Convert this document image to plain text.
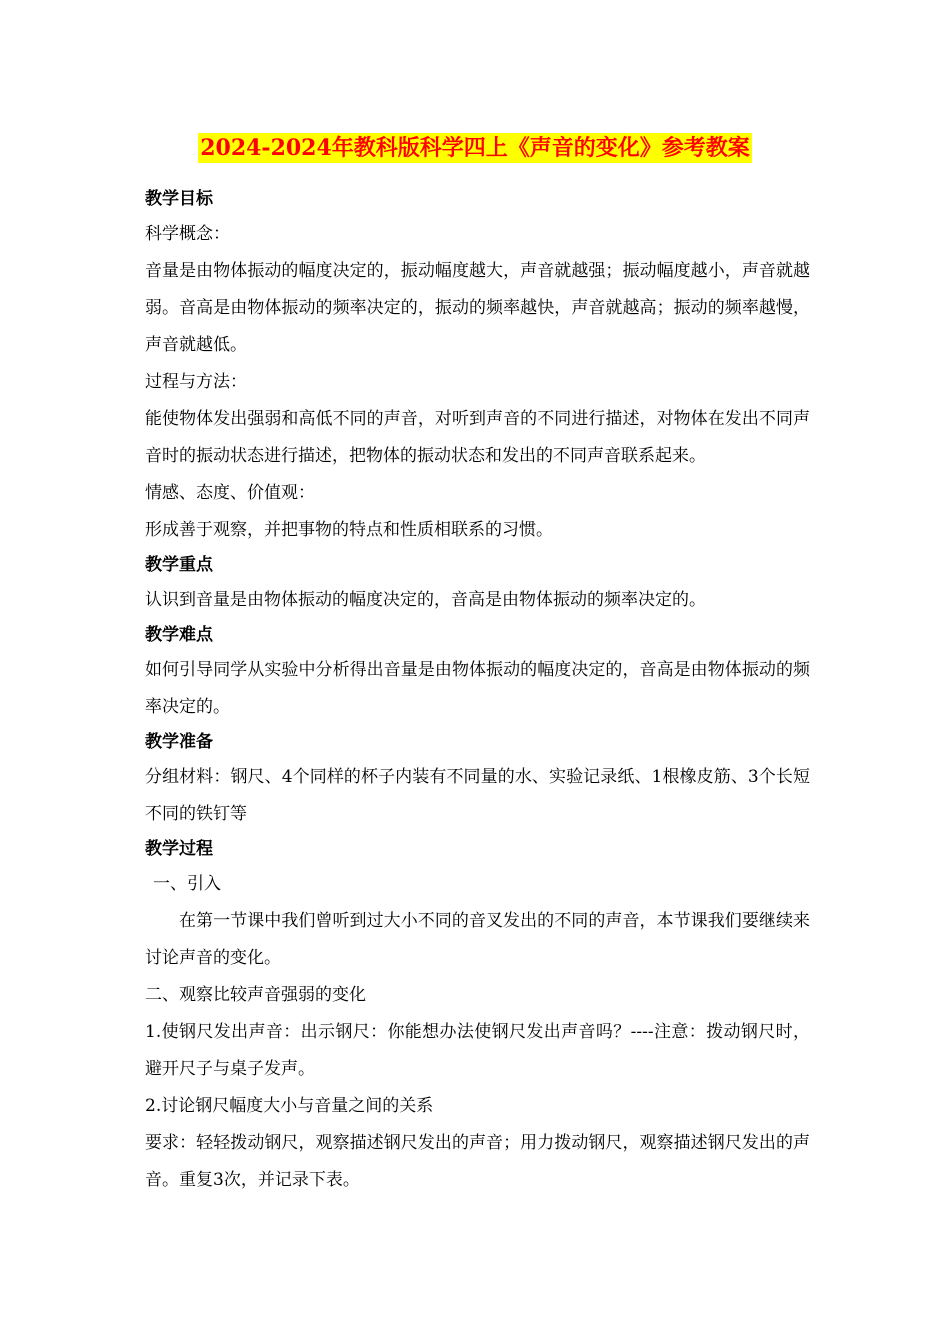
2024-2024年教科版科学四上《声音的变化》参考教案
教学目标

科学概念：

音量是由物体振动的幅度决定的，振动幅度越大，声音就越强；振动幅度越小，声音就越弱。音高是由物体振动的频率决定的，振动的频率越快，声音就越高；振动的频率越慢，声音就越低。

过程与方法：

能使物体发出强弱和高低不同的声音，对听到声音的不同进行描述，对物体在发出不同声音时的振动状态进行描述，把物体的振动状态和发出的不同声音联系起来。

情感、态度、价值观：

形成善于观察，并把事物的特点和性质相联系的习惯。

教学重点

认识到音量是由物体振动的幅度决定的，音高是由物体振动的频率决定的。

教学难点

如何引导同学从实验中分析得出音量是由物体振动的幅度决定的，音高是由物体振动的频率决定的。

教学准备

分组材料：钢尺、4个同样的杯子内装有不同量的水、实验记录纸、1根橡皮筋、3个长短不同的铁钉等

教学过程

一、引入

在第一节课中我们曾听到过大小不同的音叉发出的不同的声音，本节课我们要继续来讨论声音的变化。

二、观察比较声音强弱的变化

1.使钢尺发出声音：出示钢尺：你能想办法使钢尺发出声音吗？----注意：拨动钢尺时，避开尺子与桌子发声。

2.讨论钢尺幅度大小与音量之间的关系

要求：轻轻拨动钢尺，观察描述钢尺发出的声音；用力拨动钢尺，观察描述钢尺发出的声音。重复3次，并记录下表。
